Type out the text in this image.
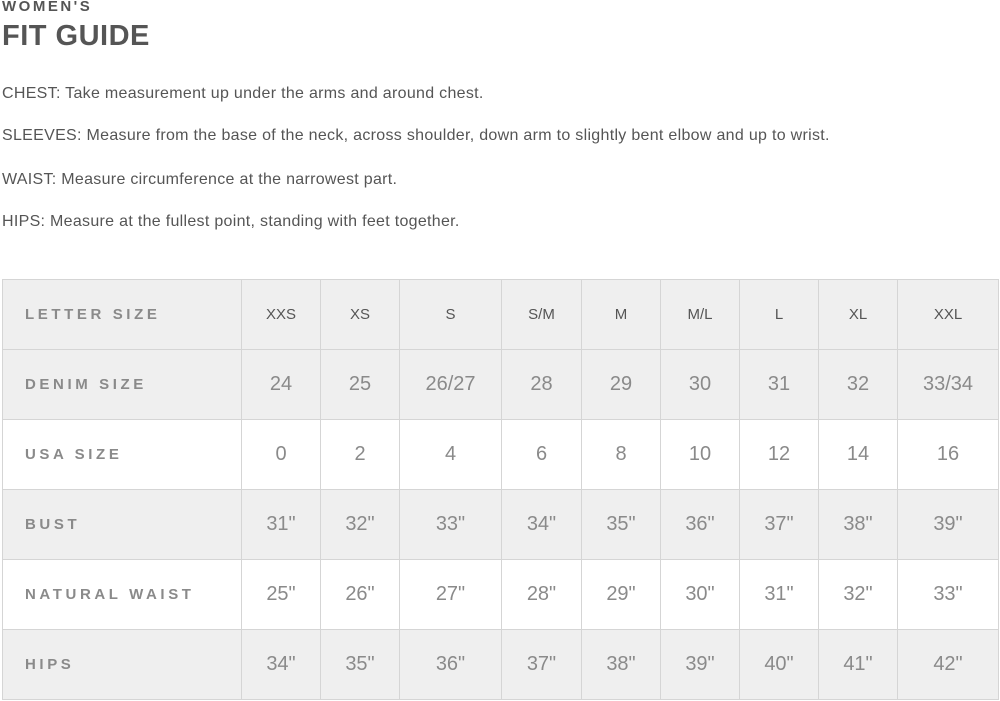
WOMEN'S
FIT GUIDE
CHEST: Take measurement up under the arms and around chest.
SLEEVES: Measure from the base of the neck, across shoulder, down arm to slightly bent elbow and up to wrist.
WAIST: Measure circumference at the narrowest part.
HIPS: Measure at the fullest point, standing with feet together.
LETTER SIZE	XXS	XS	S	S/M	M	M/L	L	XL	XXL
DENIM SIZE	24	25	26/27	28	29	30	31	32	33/34
USA SIZE	0	2	4	6	8	10	12	14	16
BUST	31"	32"	33"	34"	35"	36"	37"	38"	39"
NATURAL WAIST	25"	26"	27"	28"	29"	30"	31"	32"	33"
HIPS	34"	35"	36"	37"	38"	39"	40"	41"	42"
